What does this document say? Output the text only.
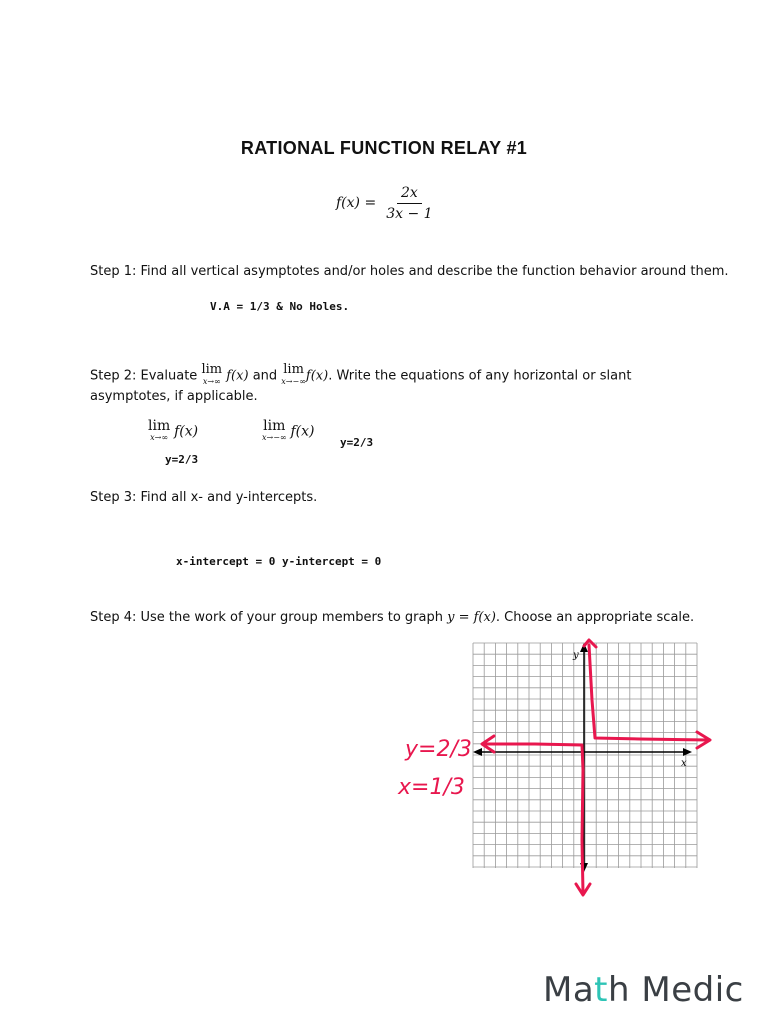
RATIONAL FUNCTION RELAY #1
$f(x) = \frac{2x}{3x - 1}$
Step 1: Find all vertical asymptotes and/or holes and describe the function behavior around them.
V.A = 1/3 & No Holes.
Step 2: Evaluate lim
x→∞ f(x) and lim
x→−∞ f(x). Write the equations of any horizontal or slant
asymptotes, if applicable.
lim
x→∞ f(x)	lim
x→−∞ f(x)
y=2/3
y=2/3
Step 3: Find all x- and y-intercepts.
x-intercept = 0 y-intercept = 0
Step 4: Use the work of your group members to graph y = f(x). Choose an appropriate scale.
x
y
y=2/3
x=1/3
Math Medic
